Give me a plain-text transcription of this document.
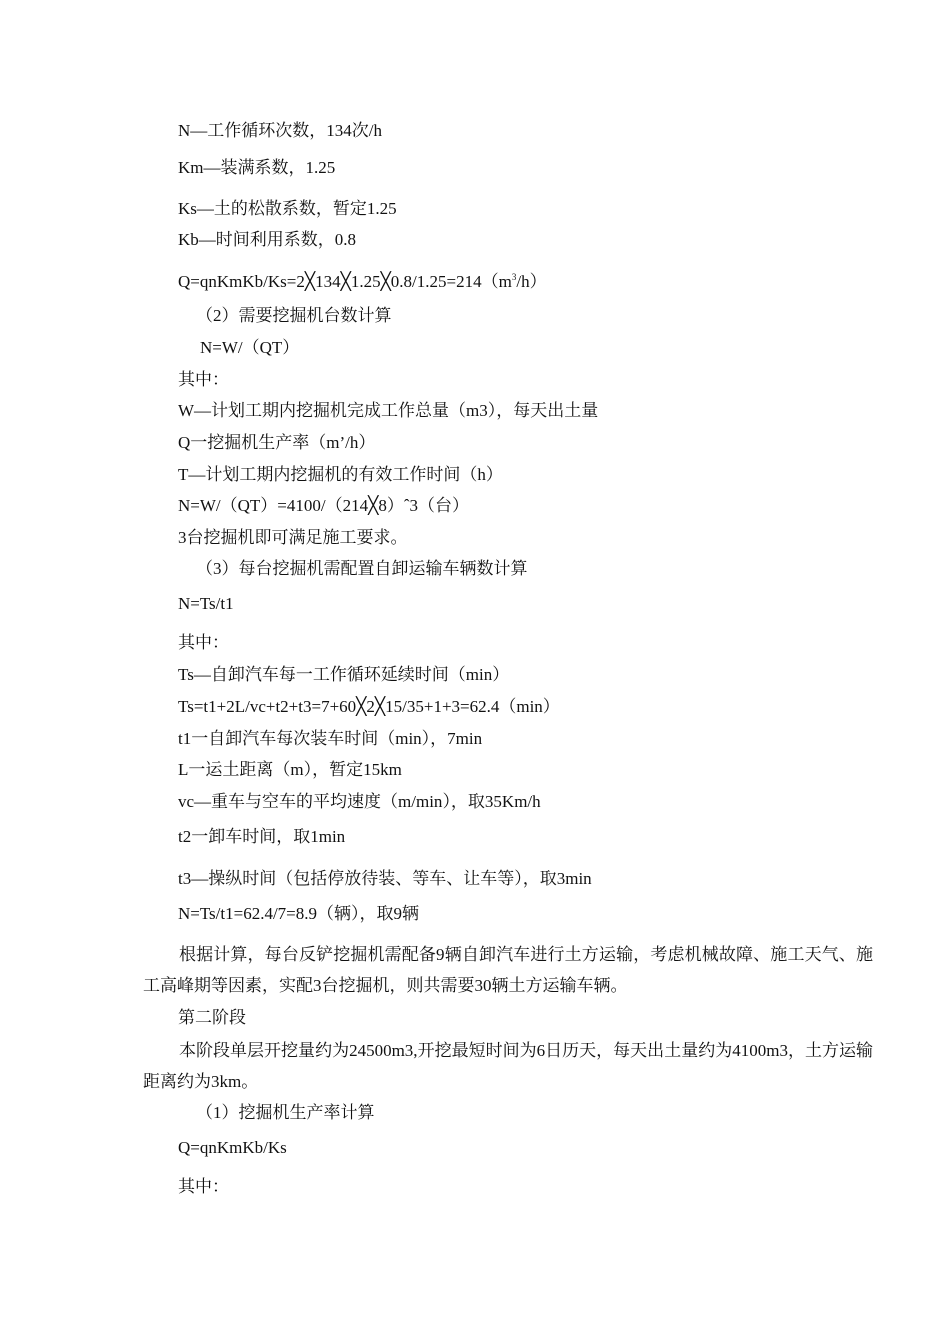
N—工作循环次数，134次/h
Km—装满系数，1.25
Ks—土的松散系数，暂定1.25
Kb—时间利用系数，0.8
$Q=qnKmKb/Ks=2╳134╳1.25╳0.8/1.25=214(m^3/h)$
（2）需要挖掘机台数计算
N=W/（QT）
其中：
W—计划工期内挖掘机完成工作总量（m3），每天出土量
Q一挖掘机生产率（m’/h）
T—计划工期内挖掘机的有效工作时间（h）
N=W/（QT）=4100/（214╳8）ˆ3（台）
3台挖掘机即可满足施工要求。
（3）每台挖掘机需配置自卸运输车辆数计算
N=Ts/t1
其中：
Ts—自卸汽车每一工作循环延续时间（min）
Ts=t1+2L/vc+t2+t3=7+60╳2╳15/35+1+3=62.4（min）
t1一自卸汽车每次装车时间（min），7min
L一运土距离（m），暂定15km
vc—重车与空车的平均速度（m/min），取35Km/h
t2一卸车时间，取1min
t3—操纵时间（包括停放待装、等车、让车等），取3min
N=Ts/t1=62.4/7=8.9（辆），取9辆
根据计算，每台反铲挖掘机需配备9辆自卸汽车进行土方运输，考虑机械故障、施工天气、施工高峰期等因素，实配3台挖掘机，则共需要30辆土方运输车辆。
第二阶段
本阶段单层开挖量约为24500m3,开挖最短时间为6日历天，每天出土量约为4100m3，土方运输距离约为3km。
（1）挖掘机生产率计算
Q=qnKmKb/Ks
其中：
